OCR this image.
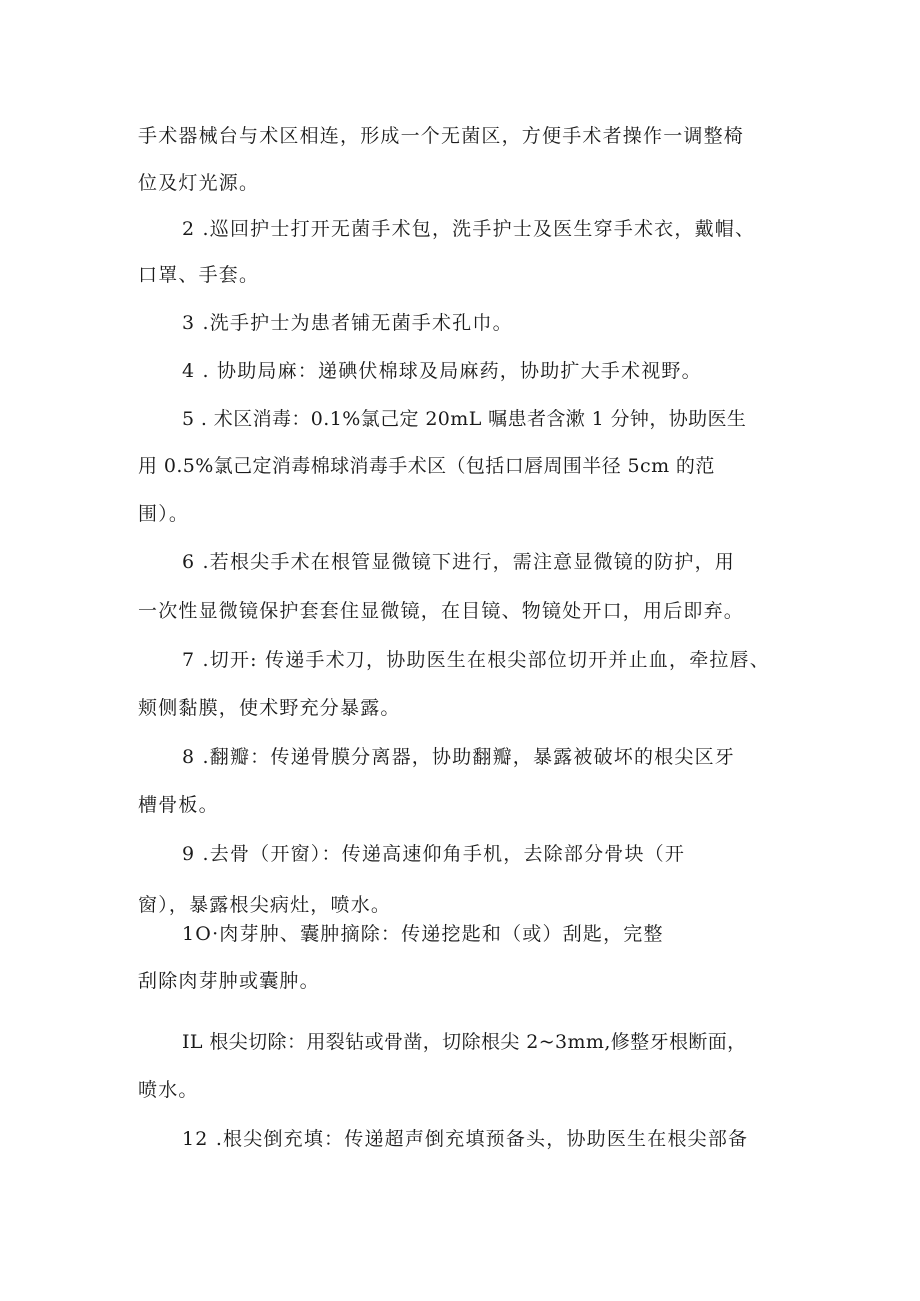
手术器械台与术区相连，形成一个无菌区，方便手术者操作一调整椅
位及灯光源。
2 .巡回护士打开无菌手术包，洗手护士及医生穿手术衣，戴帽、
口罩、手套。
3 .洗手护士为患者铺无菌手术孔巾。
4 . 协助局麻：递碘伏棉球及局麻药，协助扩大手术视野。
5 . 术区消毒：0.1%氯己定 20mL 嘱患者含漱 1 分钟，协助医生
用 0.5%氯己定消毒棉球消毒手术区（包括口唇周围半径 5cm 的范
围）。
6 .若根尖手术在根管显微镜下进行，需注意显微镜的防护，用
一次性显微镜保护套套住显微镜，在目镜、物镜处开口，用后即弃。
7 .切开: 传递手术刀，协助医生在根尖部位切开并止血，牵拉唇、
颊侧黏膜，使术野充分暴露。
8 .翻瓣：传递骨膜分离器，协助翻瓣，暴露被破坏的根尖区牙
槽骨板。
9 .去骨（开窗）：传递高速仰角手机，去除部分骨块（开
窗），暴露根尖病灶，喷水。
1O·肉芽肿、囊肿摘除：传递挖匙和（或）刮匙，完整
刮除肉芽肿或囊肿。
IL 根尖切除：用裂钻或骨凿，切除根尖 2~3mm,修整牙根断面，
喷水。
12 .根尖倒充填：传递超声倒充填预备头，协助医生在根尖部备
